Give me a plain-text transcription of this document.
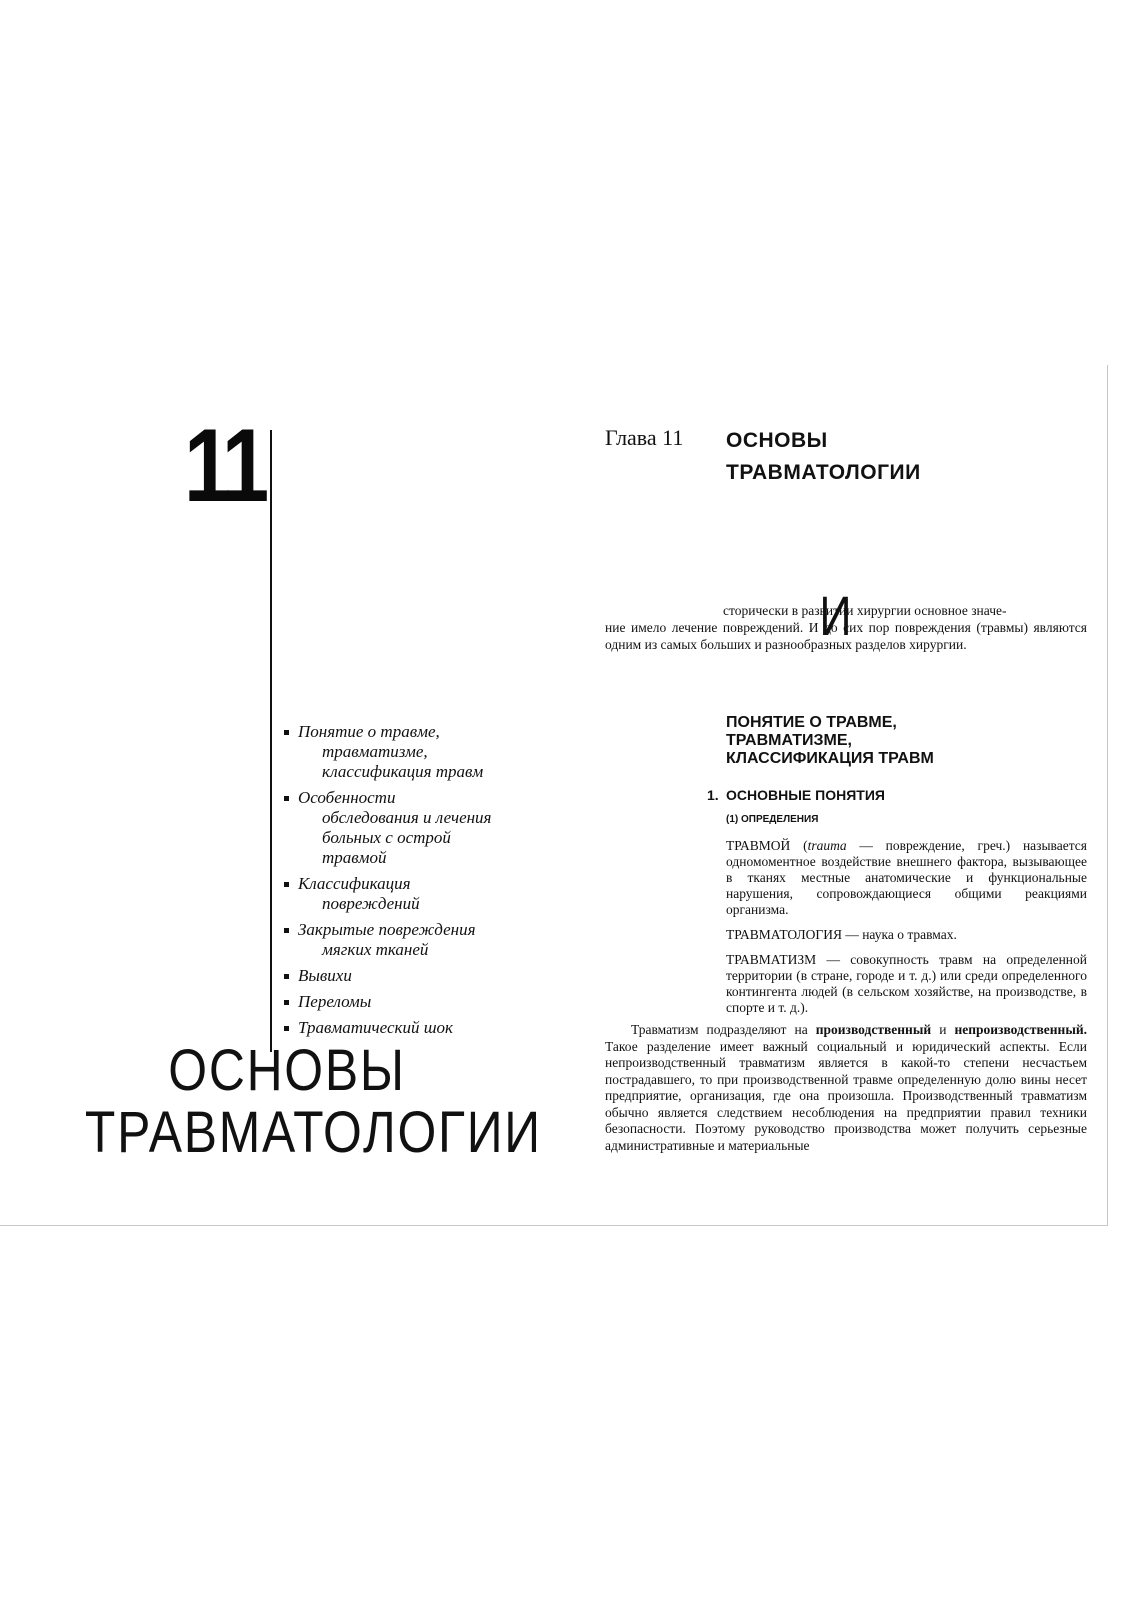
11
Понятие о травме,
травматизме,
классификация травм
Особенности
обследования и лечения
больных с острой
травмой
Классификация
повреждений
Закрытые повреждения
мягких тканей
Вывихи
Переломы
Травматический шок
ОСНОВЫ
ТРАВМАТОЛОГИИ
Глава 11 ОСНОВЫ
ТРАВМАТОЛОГИИ

И
сторически в развитии хирургии основное значе-

ние имело лечение повреждений. И до сих пор повреждения (травмы) являются одним из самых больших и разнообразных разделов хирургии.

ПОНЯТИЕ О ТРАВМЕ,
ТРАВМАТИЗМЕ,
КЛАССИФИКАЦИЯ ТРАВМ
1. ОСНОВНЫЕ ПОНЯТИЯ
(1) ОПРЕДЕЛЕНИЯ

ТРАВМОЙ (trauma — повреждение, греч.) называется одномоментное воздействие внешнего фактора, вызывающее в тканях местные анатомические и функциональные нарушения, сопровождающиеся общими реакциями организма.

ТРАВМАТОЛОГИЯ — наука о травмах.

ТРАВМАТИЗМ — совокупность травм на определенной территории (в стране, городе и т. д.) или среди определенного контингента людей (в сельском хозяйстве, на производстве, в спорте и т. д.).

Травматизм подразделяют на производственный и непроизводственный. Такое разделение имеет важный социальный и юридический аспекты. Если непроизводственный травматизм является в какой-то степени несчастьем пострадавшего, то при производственной травме определенную долю вины несет предприятие, организация, где она произошла. Производственный травматизм обычно является следствием несоблюдения на предприятии правил техники безопасности. Поэтому руководство производства может получить серьезные административные и материальные
